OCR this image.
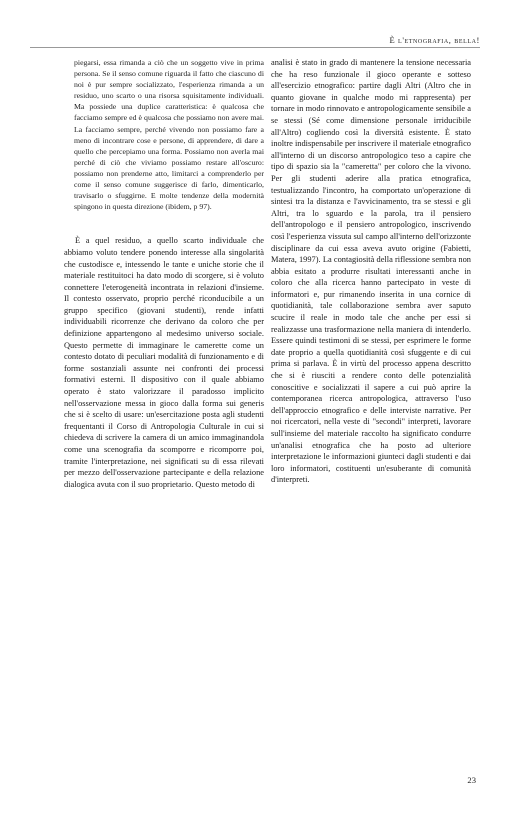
È l'etnografia, bella!

piegarsi, essa rimanda a ciò che un soggetto vive in prima persona. Se il senso comune riguarda il fatto che ciascuno di noi è pur sempre socializzato, l'esperienza rimanda a un residuo, uno scarto o una risorsa squisitamente individuali. Ma possiede una duplice caratteristica: è qualcosa che facciamo sempre ed è qualcosa che possiamo non avere mai. La facciamo sempre, perché vivendo non possiamo fare a meno di incontrare cose e persone, di apprendere, di dare a quello che percepiamo una forma. Possiamo non averla mai perché di ciò che viviamo possiamo restare all'oscuro: possiamo non prenderne atto, limitarci a comprenderlo per come il senso comune suggerisce di farlo, dimenticarlo, travisarlo o sfuggirne. E molte tendenze della modernità spingono in questa direzione (ibidem, p 97).

È a quel residuo, a quello scarto individuale che abbiamo voluto tendere ponendo interesse alla singolarità che custodisce e, intessendo le tante e uniche storie che il materiale restituitoci ha dato modo di scorgere, si è voluto connettere l'eterogeneità incontrata in relazioni d'insieme. Il contesto osservato, proprio perché riconducibile a un gruppo specifico (giovani studenti), rende infatti individuabili ricorrenze che derivano da coloro che per definizione appartengono al medesimo universo sociale. Questo permette di immaginare le camerette come un contesto dotato di peculiari modalità di funzionamento e di forme sostanziali assunte nei confronti dei processi formativi esterni. Il dispositivo con il quale abbiamo operato è stato valorizzare il paradosso implicito nell'osservazione messa in gioco dalla forma sui generis che si è scelto di usare: un'esercitazione posta agli studenti frequentanti il Corso di Antropologia Culturale in cui si chiedeva di scrivere la camera di un amico immaginandola come una scenografia da scomporre e ricomporre poi, tramite l'interpretazione, nei significati su di essa rilevati per mezzo dell'osservazione partecipante e della relazione dialogica avuta con il suo proprietario. Questo metodo di

analisi è stato in grado di mantenere la tensione necessaria che ha reso funzionale il gioco operante e sotteso all'esercizio etnografico: partire dagli Altri (Altro che in quanto giovane in qualche modo mi rappresenta) per tornare in modo rinnovato e antropologicamente sensibile a se stessi (Sé come dimensione personale irriducibile all'Altro) cogliendo così la diversità esistente. È stato inoltre indispensabile per inscrivere il materiale etnografico all'interno di un discorso antropologico teso a capire che tipo di spazio sia la "cameretta" per coloro che la vivono. Per gli studenti aderire alla pratica etnografica, testualizzando l'incontro, ha comportato un'operazione di sintesi tra la distanza e l'avvicinamento, tra se stessi e gli Altri, tra lo sguardo e la parola, tra il pensiero dell'antropologo e il pensiero antropologico, inscrivendo così l'esperienza vissuta sul campo all'interno dell'orizzonte disciplinare da cui essa aveva avuto origine (Fabietti, Matera, 1997). La contagiosità della riflessione sembra non abbia esitato a produrre risultati interessanti anche in coloro che alla ricerca hanno partecipato in veste di informatori e, pur rimanendo inserita in una cornice di quotidianità, tale collaborazione sembra aver saputo scucire il reale in modo tale che anche per essi si realizzasse una trasformazione nella maniera di intenderlo. Essere quindi testimoni di se stessi, per esprimere le forme date proprio a quella quotidianità così sfuggente e di cui prima si parlava. È in virtù del processo appena descritto che si è riusciti a rendere conto delle potenzialità conoscitive e socializzati il sapere a cui può aprire la contemporanea ricerca antropologica, attraverso l'uso dell'approccio etnografico e delle interviste narrative. Per noi ricercatori, nella veste di "secondi" interpreti, lavorare sull'insieme del materiale raccolto ha significato condurre un'analisi etnografica che ha posto ad ulteriore interpretazione le informazioni giunteci dagli studenti e dai loro informatori, costituenti un'esuberante di comunità d'interpreti.

23
